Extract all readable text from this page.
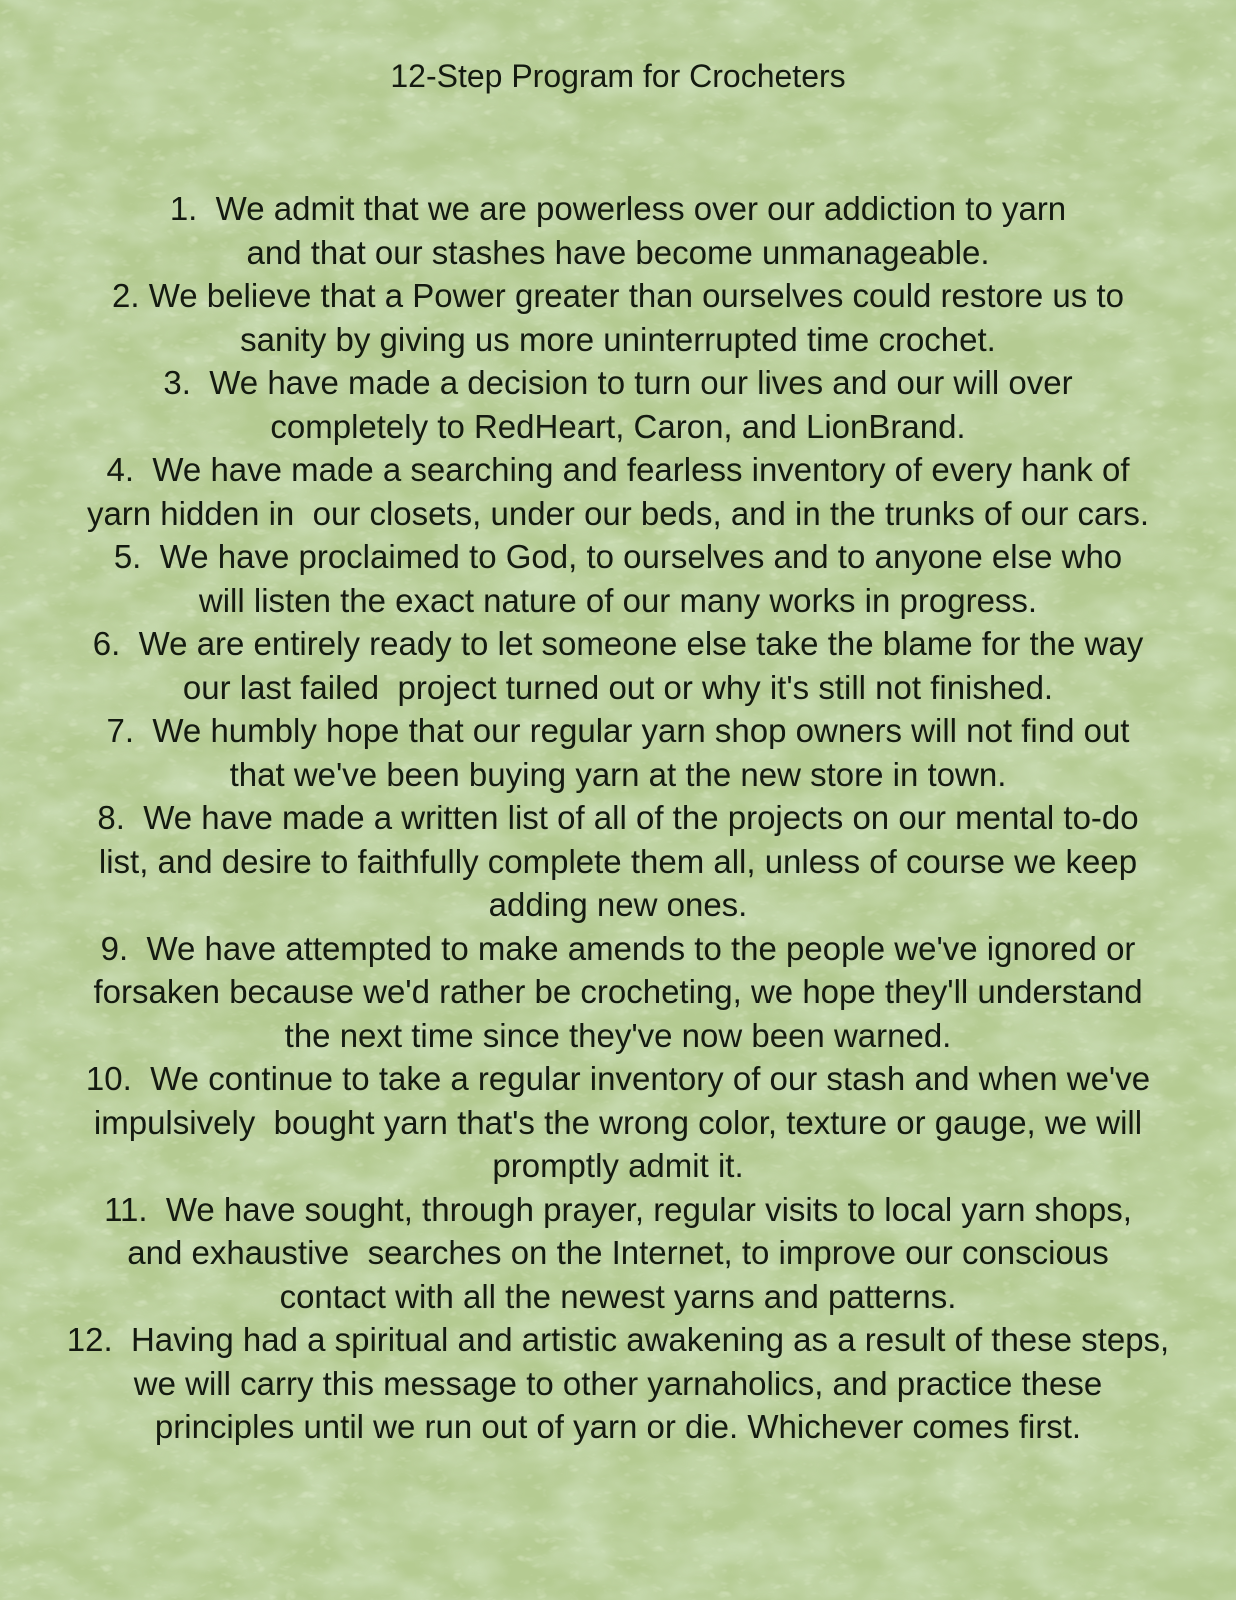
12-Step Program for Crocheters
1.  We admit that we are powerless over our addiction to yarn
and that our stashes have become unmanageable.
2. We believe that a Power greater than ourselves could restore us to
sanity by giving us more uninterrupted time crochet.
3.  We have made a decision to turn our lives and our will over
completely to RedHeart, Caron, and LionBrand.
4.  We have made a searching and fearless inventory of every hank of
yarn hidden in  our closets, under our beds, and in the trunks of our cars.
5.  We have proclaimed to God, to ourselves and to anyone else who
will listen the exact nature of our many works in progress.
6.  We are entirely ready to let someone else take the blame for the way
our last failed  project turned out or why it's still not finished.
7.  We humbly hope that our regular yarn shop owners will not find out
that we've been buying yarn at the new store in town.
8.  We have made a written list of all of the projects on our mental to-do
list, and desire to faithfully complete them all, unless of course we keep
adding new ones.
9.  We have attempted to make amends to the people we've ignored or
forsaken because we'd rather be crocheting, we hope they'll understand
the next time since they've now been warned.
10.  We continue to take a regular inventory of our stash and when we've
impulsively  bought yarn that's the wrong color, texture or gauge, we will
promptly admit it.
11.  We have sought, through prayer, regular visits to local yarn shops,
and exhaustive  searches on the Internet, to improve our conscious
contact with all the newest yarns and patterns.
12.  Having had a spiritual and artistic awakening as a result of these steps,
we will carry this message to other yarnaholics, and practice these
principles until we run out of yarn or die. Whichever comes first.
